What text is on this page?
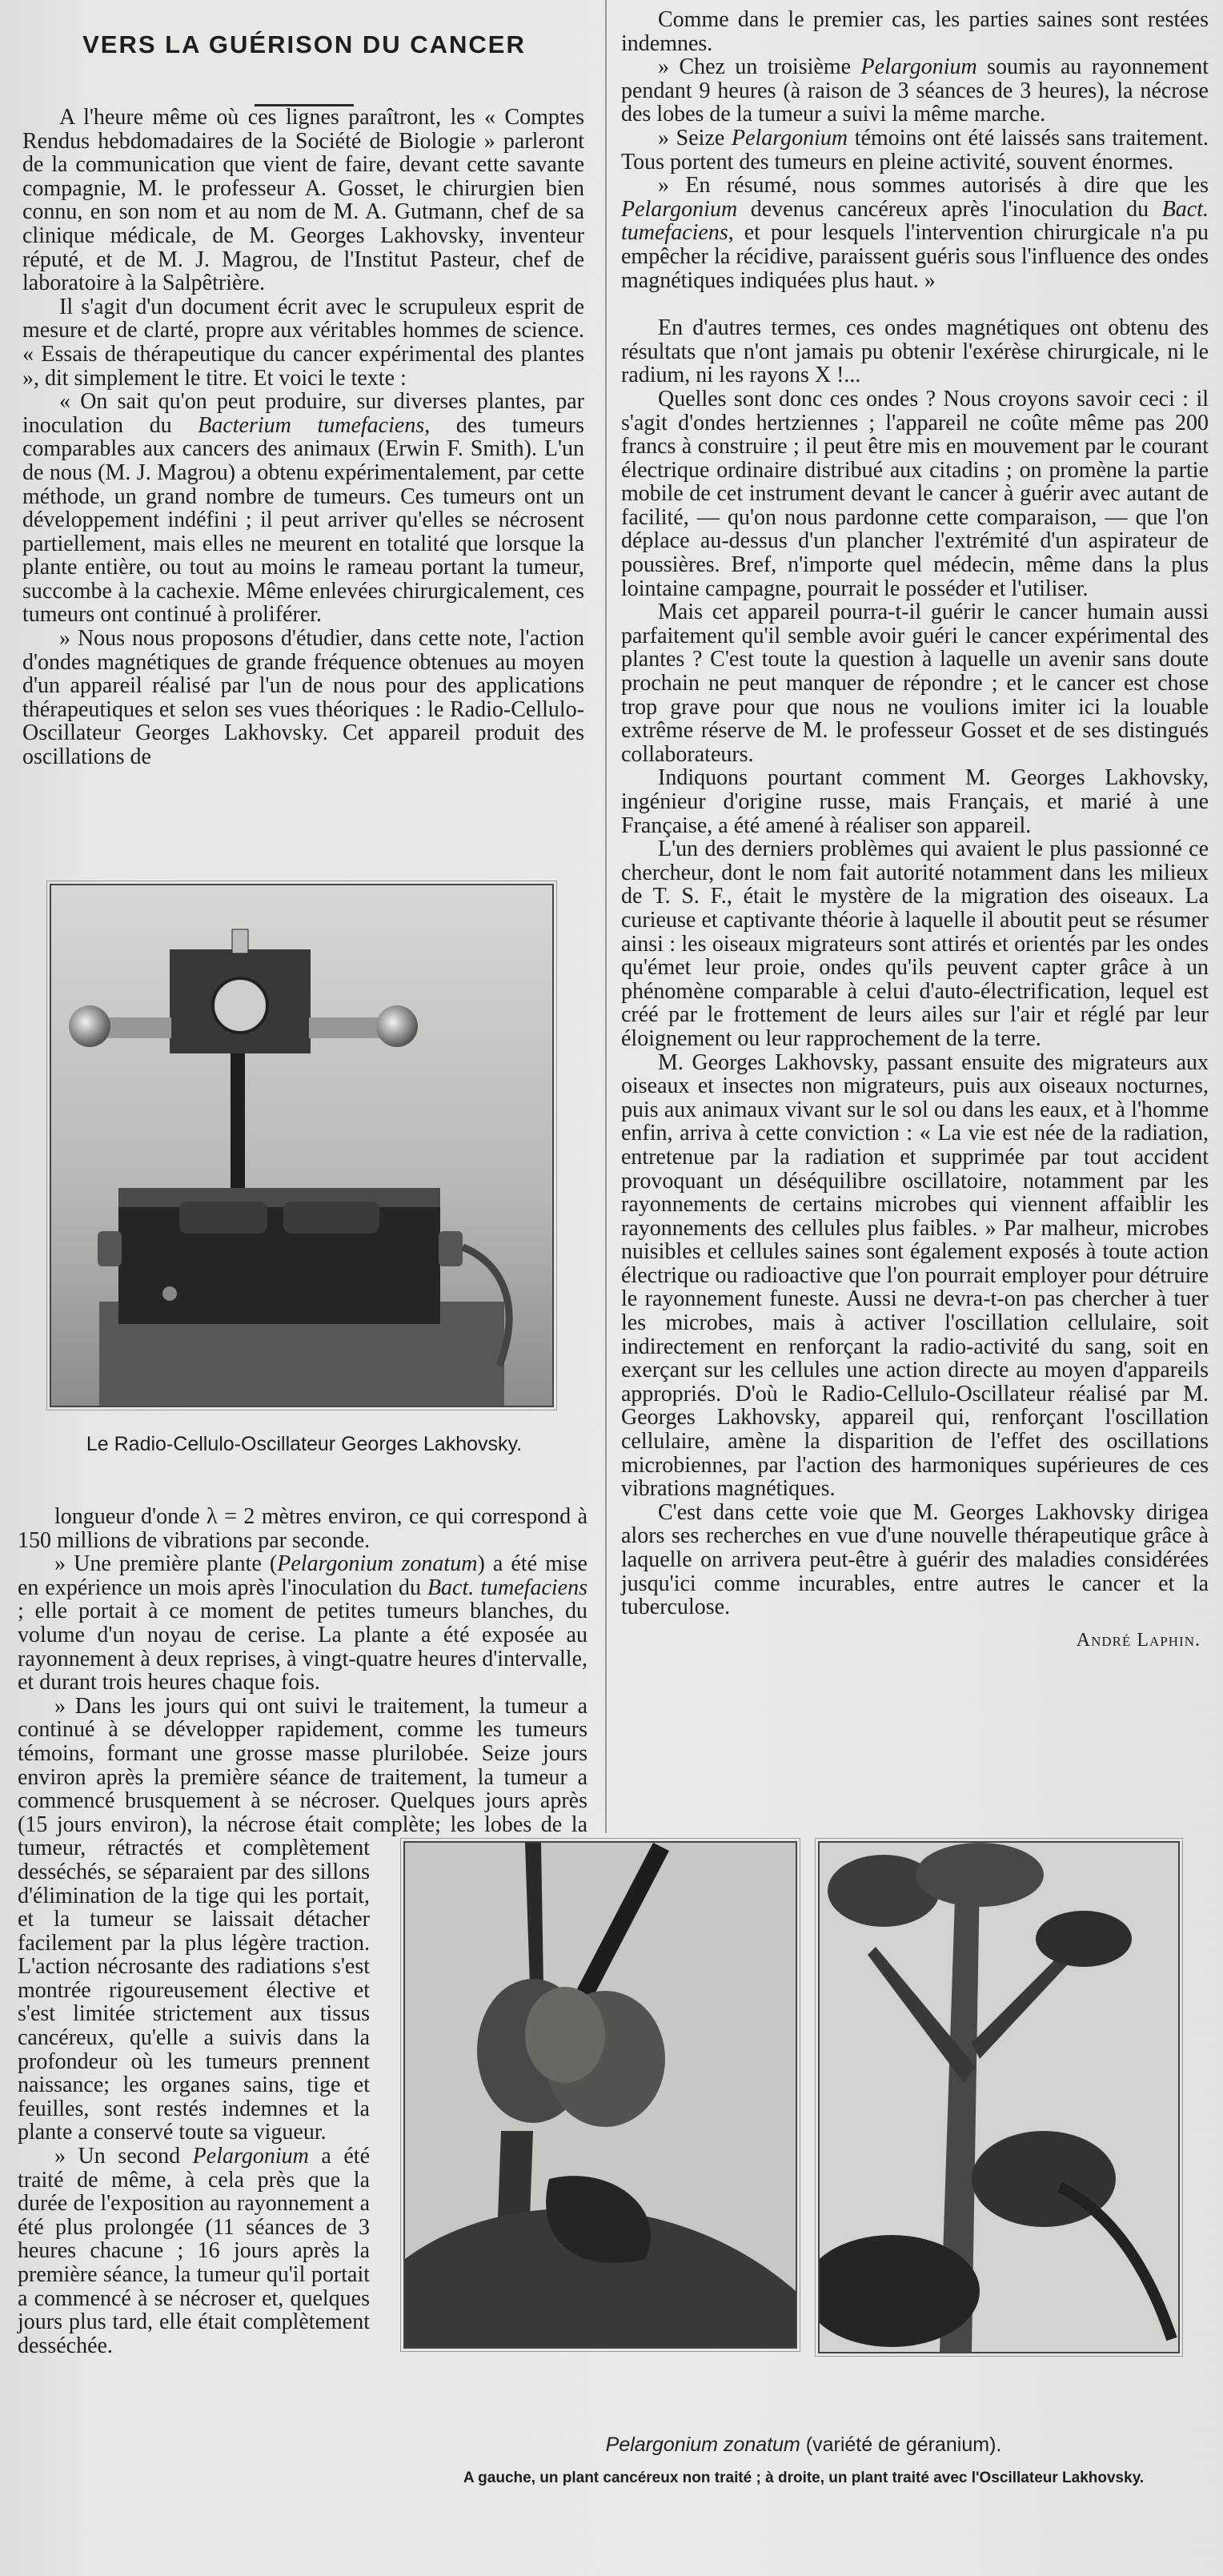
VERS LA GUÉRISON DU CANCER

A l'heure même où ces lignes paraîtront, les « Comptes Rendus hebdomadaires de la Société de Biologie » parleront de la communication que vient de faire, devant cette savante compagnie, M. le professeur A. Gosset, le chirurgien bien connu, en son nom et au nom de M. A. Gutmann, chef de sa clinique médicale, de M. Georges Lakhovsky, inventeur réputé, et de M. J. Magrou, de l'Institut Pasteur, chef de laboratoire à la Salpêtrière.

Il s'agit d'un document écrit avec le scrupuleux esprit de mesure et de clarté, propre aux véritables hommes de science. « Essais de thérapeutique du cancer expérimental des plantes », dit simplement le titre. Et voici le texte :

« On sait qu'on peut produire, sur diverses plantes, par inoculation du Bacterium tumefaciens, des tumeurs comparables aux cancers des animaux (Erwin F. Smith). L'un de nous (M. J. Magrou) a obtenu expérimentalement, par cette méthode, un grand nombre de tumeurs. Ces tumeurs ont un développement indéfini ; il peut arriver qu'elles se nécrosent partiellement, mais elles ne meurent en totalité que lorsque la plante entière, ou tout au moins le rameau portant la tumeur, succombe à la cachexie. Même enlevées chirurgicalement, ces tumeurs ont continué à proliférer.

» Nous nous proposons d'étudier, dans cette note, l'action d'ondes magnétiques de grande fréquence obtenues au moyen d'un appareil réalisé par l'un de nous pour des applications thérapeutiques et selon ses vues théoriques : le Radio-Cellulo-Oscillateur Georges Lakhovsky. Cet appareil produit des oscillations de

Le Radio-Cellulo-Oscillateur Georges Lakhovsky.

longueur d'onde λ = 2 mètres environ, ce qui correspond à 150 millions de vibrations par seconde.

» Une première plante (Pelargonium zonatum) a été mise en expérience un mois après l'inoculation du Bact. tumefaciens ; elle portait à ce moment de petites tumeurs blanches, du volume d'un noyau de cerise. La plante a été exposée au rayonnement à deux reprises, à vingt-quatre heures d'intervalle, et durant trois heures chaque fois.

» Dans les jours qui ont suivi le traitement, la tumeur a continué à se développer rapidement, comme les tumeurs témoins, formant une grosse masse plurilobée. Seize jours environ après la première séance de traitement, la tumeur a commencé brusquement à se nécroser. Quelques jours après (15 jours environ), la nécrose était complète; les lobes de la tumeur, rétractés et complètement desséchés, se séparaient par des sillons d'élimination de la tige qui les portait, et la tumeur se laissait détacher facilement par la plus légère traction. L'action nécrosante des radiations s'est montrée rigoureusement élective et s'est limitée strictement aux tissus cancéreux, qu'elle a suivis dans la profondeur où les tumeurs prennent naissance; les organes sains, tige et feuilles, sont restés indemnes et la plante a conservé toute sa vigueur.

» Un second Pelargonium a été traité de même, à cela près que la durée de l'exposition au rayonnement a été plus prolongée (11 séances de 3 heures chacune ; 16 jours après la première séance, la tumeur qu'il portait a commencé à se nécroser et, quelques jours plus tard, elle était complètement desséchée.

Comme dans le premier cas, les parties saines sont restées indemnes.

» Chez un troisième Pelargonium soumis au rayonnement pendant 9 heures (à raison de 3 séances de 3 heures), la nécrose des lobes de la tumeur a suivi la même marche.

» Seize Pelargonium témoins ont été laissés sans traitement. Tous portent des tumeurs en pleine activité, souvent énormes.

» En résumé, nous sommes autorisés à dire que les Pelargonium devenus cancéreux après l'inoculation du Bact. tumefaciens, et pour lesquels l'intervention chirurgicale n'a pu empêcher la récidive, paraissent guéris sous l'influence des ondes magnétiques indiquées plus haut. »

En d'autres termes, ces ondes magnétiques ont obtenu des résultats que n'ont jamais pu obtenir l'exérèse chirurgicale, ni le radium, ni les rayons X !...

Quelles sont donc ces ondes ? Nous croyons savoir ceci : il s'agit d'ondes hertziennes ; l'appareil ne coûte même pas 200 francs à construire ; il peut être mis en mouvement par le courant électrique ordinaire distribué aux citadins ; on promène la partie mobile de cet instrument devant le cancer à guérir avec autant de facilité, — qu'on nous pardonne cette comparaison, — que l'on déplace au-dessus d'un plancher l'extrémité d'un aspirateur de poussières. Bref, n'importe quel médecin, même dans la plus lointaine campagne, pourrait le posséder et l'utiliser.

Mais cet appareil pourra-t-il guérir le cancer humain aussi parfaitement qu'il semble avoir guéri le cancer expérimental des plantes ? C'est toute la question à laquelle un avenir sans doute prochain ne peut manquer de répondre ; et le cancer est chose trop grave pour que nous ne voulions imiter ici la louable extrême réserve de M. le professeur Gosset et de ses distingués collaborateurs.

Indiquons pourtant comment M. Georges Lakhovsky, ingénieur d'origine russe, mais Français, et marié à une Française, a été amené à réaliser son appareil.

L'un des derniers problèmes qui avaient le plus passionné ce chercheur, dont le nom fait autorité notamment dans les milieux de T. S. F., était le mystère de la migration des oiseaux. La curieuse et captivante théorie à laquelle il aboutit peut se résumer ainsi : les oiseaux migrateurs sont attirés et orientés par les ondes qu'émet leur proie, ondes qu'ils peuvent capter grâce à un phénomène comparable à celui d'auto-électrification, lequel est créé par le frottement de leurs ailes sur l'air et réglé par leur éloignement ou leur rapprochement de la terre.

M. Georges Lakhovsky, passant ensuite des migrateurs aux oiseaux et insectes non migrateurs, puis aux oiseaux nocturnes, puis aux animaux vivant sur le sol ou dans les eaux, et à l'homme enfin, arriva à cette conviction : « La vie est née de la radiation, entretenue par la radiation et supprimée par tout accident provoquant un déséquilibre oscillatoire, notamment par les rayonnements de certains microbes qui viennent affaiblir les rayonnements des cellules plus faibles. » Par malheur, microbes nuisibles et cellules saines sont également exposés à toute action électrique ou radioactive que l'on pourrait employer pour détruire le rayonnement funeste. Aussi ne devra-t-on pas chercher à tuer les microbes, mais à activer l'oscillation cellulaire, soit indirectement en renforçant la radio-activité du sang, soit en exerçant sur les cellules une action directe au moyen d'appareils appropriés. D'où le Radio-Cellulo-Oscillateur réalisé par M. Georges Lakhovsky, appareil qui, renforçant l'oscillation cellulaire, amène la disparition de l'effet des oscillations microbiennes, par l'action des harmoniques supérieures de ces vibrations magnétiques.

C'est dans cette voie que M. Georges Lakhovsky dirigea alors ses recherches en vue d'une nouvelle thérapeutique grâce à laquelle on arrivera peut-être à guérir des maladies considérées jusqu'ici comme incurables, entre autres le cancer et la tuberculose.

André Laphin.
Pelargonium zonatum (variété de géranium).
A gauche, un plant cancéreux non traité ; à droite, un plant traité avec l'Oscillateur Lakhovsky.
